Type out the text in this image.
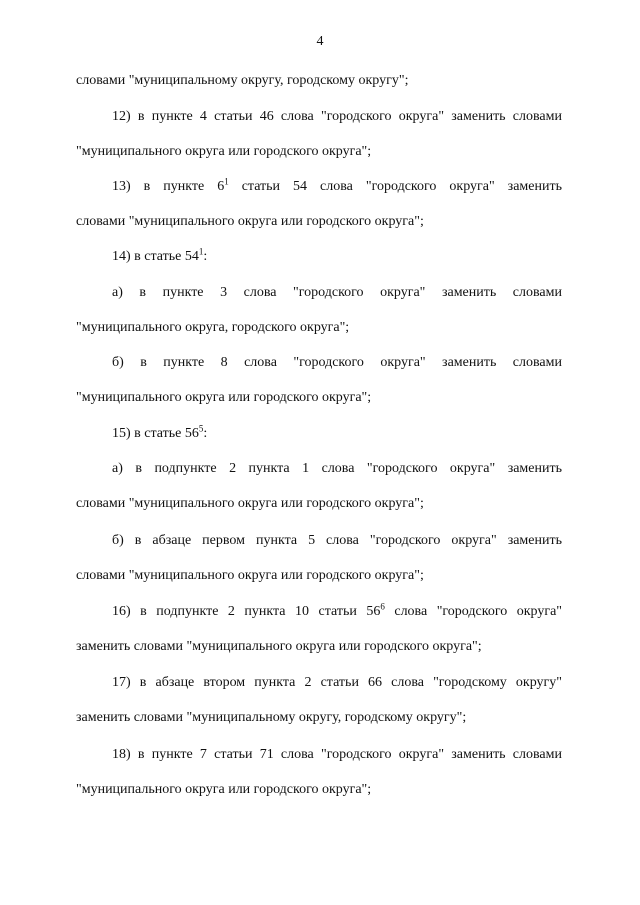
4
словами "муниципальному округу, городскому округу";
12) в пункте 4 статьи 46 слова "городского округа" заменить словами
"муниципального округа или городского округа";
13) в пункте $6^1$ статьи 54 слова "городского округа" заменить
словами "муниципального округа или городского округа";
14) в статье $54^1$:
а) в пункте 3 слова "городского округа" заменить словами
"муниципального округа, городского округа";
б) в пункте 8 слова "городского округа" заменить словами
"муниципального округа или городского округа";
15) в статье $56^5$:
а) в подпункте 2 пункта 1 слова "городского округа" заменить
словами "муниципального округа или городского округа";
б) в абзаце первом пункта 5 слова "городского округа" заменить
словами "муниципального округа или городского округа";
16) в подпункте 2 пункта 10 статьи $56^6$ слова "городского округа"
заменить словами "муниципального округа или городского округа";
17) в абзаце втором пункта 2 статьи 66 слова "городскому округу"
заменить словами "муниципальному округу, городскому округу";
18) в пункте 7 статьи 71 слова "городского округа" заменить словами
"муниципального округа или городского округа";
